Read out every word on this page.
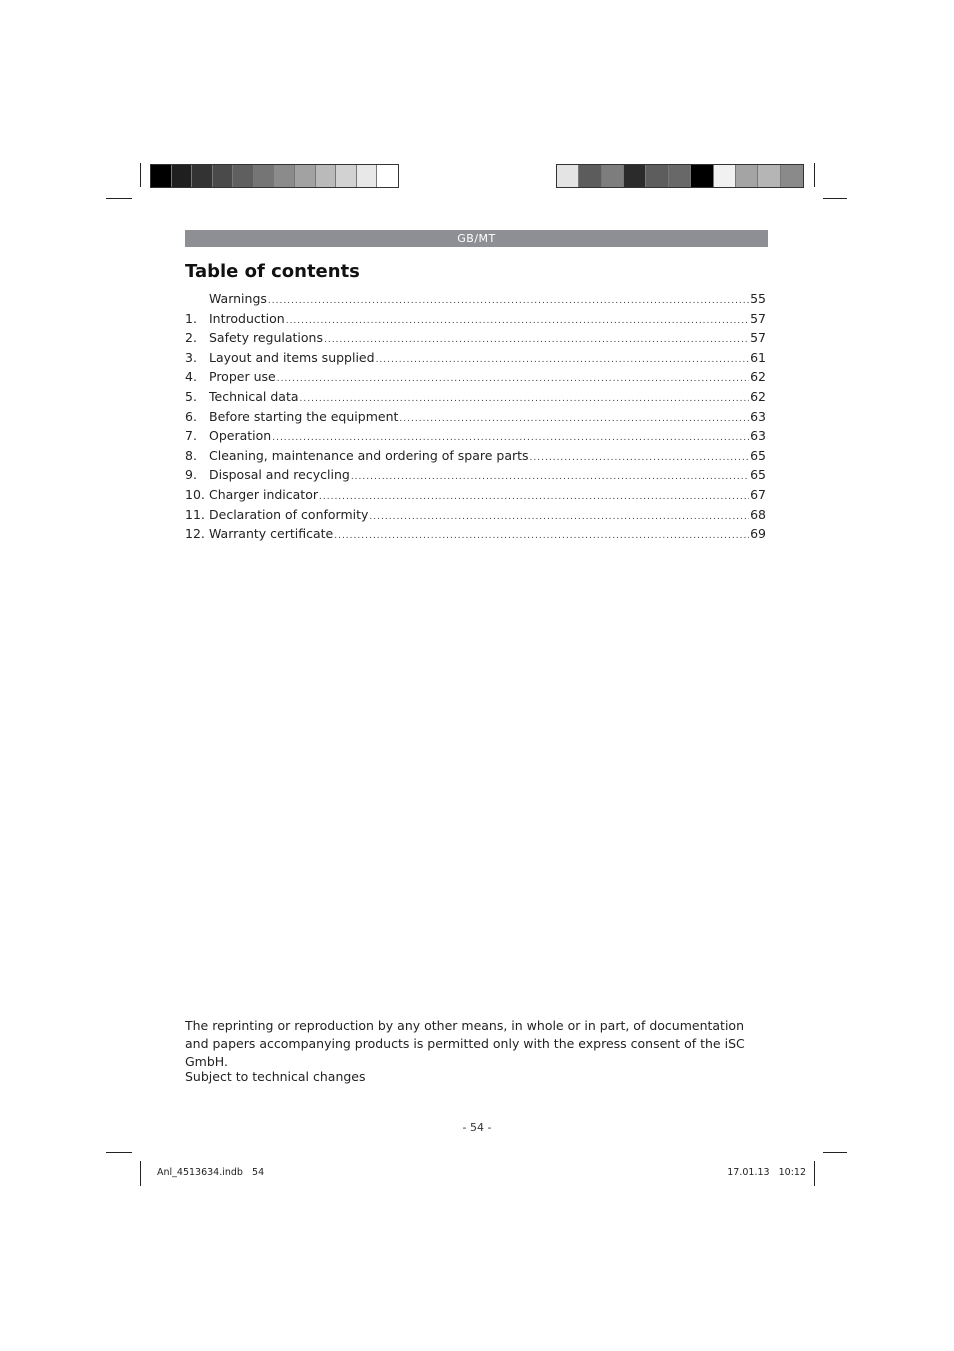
GB/MT
Table of contents
Warnings .....	55
1. Introduction .....	57
2. Safety regulations .....	57
3. Layout and items supplied .....	61
4. Proper use .....	62
5. Technical data .....	62
6. Before starting the equipment .....	63
7. Operation .....	63
8. Cleaning, maintenance and ordering of spare parts .....	65
9. Disposal and recycling .....	65
10. Charger indicator .....	67
11. Declaration of conformity .....	68
12. Warranty certificate .....	69
The reprinting or reproduction by any other means, in whole or in part, of documentation and papers accompanying products is permitted only with the express consent of the iSC GmbH.
Subject to technical changes
- 54 -
Anl_4513634.indb   54	17.01.13   10:12
